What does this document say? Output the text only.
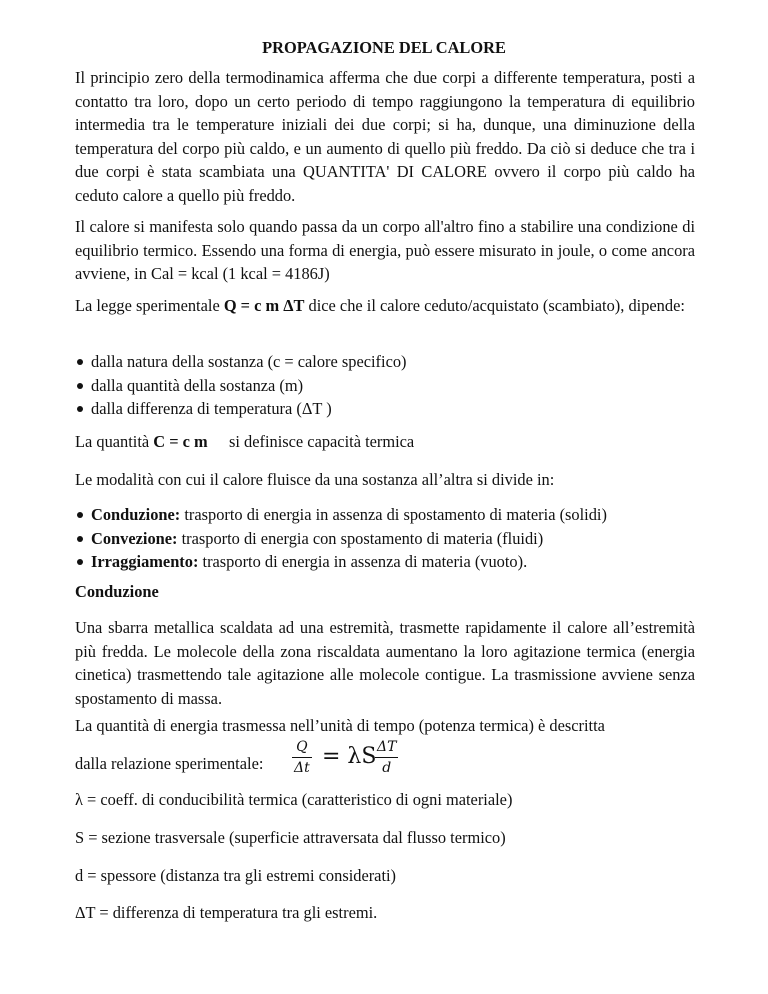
PROPAGAZIONE DEL CALORE
Il principio zero della termodinamica afferma che due corpi a differente temperatura, posti a contatto tra loro, dopo un certo periodo di tempo raggiungono la temperatura di equilibrio intermedia tra le temperature iniziali dei due corpi; si ha, dunque, una diminuzione della temperatura del corpo più caldo, e un aumento di quello più freddo. Da ciò si deduce che tra i due corpi è stata scambiata una QUANTITA' DI CALORE ovvero il corpo più caldo ha ceduto calore a quello più freddo.
Il calore si manifesta solo quando passa da un corpo all'altro fino a stabilire una condizione di equilibrio termico. Essendo una forma di energia, può essere misurato in joule, o come ancora avviene, in Cal = kcal (1 kcal = 4186J)
La legge sperimentale Q = c m ΔT dice che il calore ceduto/acquistato (scambiato), dipende:
dalla natura della sostanza (c = calore specifico)
dalla quantità della sostanza (m)
dalla differenza di temperatura (ΔT )
La quantità C = c m si definisce capacità termica
Le modalità con cui il calore fluisce da una sostanza all’altra si divide in:
Conduzione: trasporto di energia in assenza di spostamento di materia (solidi)
Convezione: trasporto di energia con spostamento di materia (fluidi)
Irraggiamento: trasporto di energia in assenza di materia (vuoto).
Conduzione
Una sbarra metallica scaldata ad una estremità, trasmette rapidamente il calore all’estremità più fredda. Le molecole della zona riscaldata aumentano la loro agitazione termica (energia cinetica) trasmettendo tale agitazione alle molecole contigue. La trasmissione avviene senza spostamento di massa.
La quantità di energia trasmessa nell’unità di tempo (potenza termica) è descritta
dalla relazione sperimentale:
Q
Δt = λS ΔT
d
λ = coeff. di conducibilità termica (caratteristico di ogni materiale)
S = sezione trasversale (superficie attraversata dal flusso termico)
d = spessore (distanza tra gli estremi considerati)
ΔT = differenza di temperatura tra gli estremi.
